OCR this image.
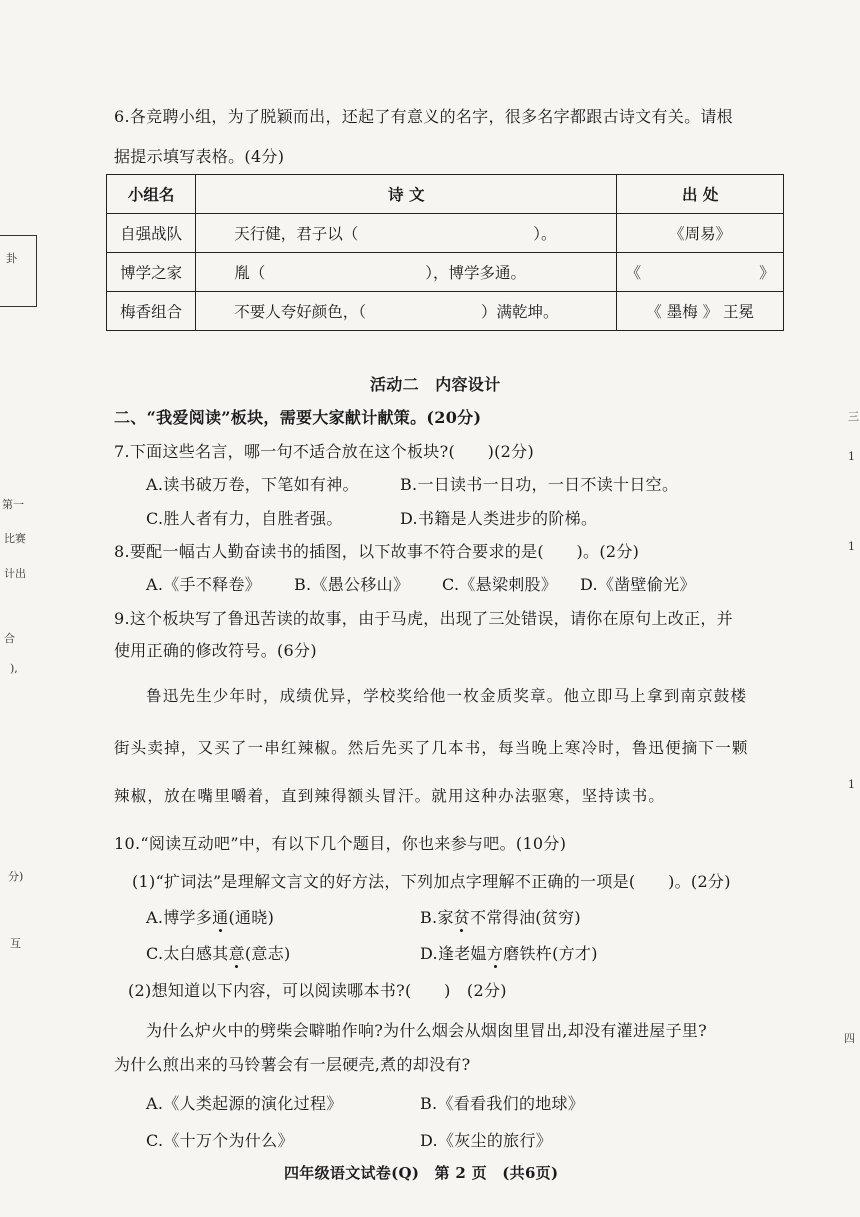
卦
第一
比赛
计出
合
),
分)
互
三
1
1
1
四
6.各竞聘小组，为了脱颖而出，还起了有意义的名字，很多名字都跟古诗文有关。请根
据提示填写表格。(4分)
小组名	诗 文	出 处
自强战队	天行健，君子以（ ）。	《周易》
博学之家	胤（ ），博学多通。	《 》
梅香组合	不要人夸好颜色，（ ）满乾坤。	《 墨梅 》 王冕
活动二　内容设计
二、“我爱阅读”板块，需要大家献计献策。(20分)
7.下面这些名言，哪一句不适合放在这个板块?(　　)(2分)
A.读书破万卷，下笔如有神。	B.一日读书一日功，一日不读十日空。
C.胜人者有力，自胜者强。	D.书籍是人类进步的阶梯。
8.要配一幅古人勤奋读书的插图，以下故事不符合要求的是(　　)。(2分)
A.《手不释卷》 B.《愚公移山》 C.《悬梁刺股》 D.《凿壁偷光》
9.这个板块写了鲁迅苦读的故事，由于马虎，出现了三处错误，请你在原句上改正，并
使用正确的修改符号。(6分)
鲁迅先生少年时，成绩优异，学校奖给他一枚金质奖章。他立即马上拿到南京鼓楼
街头卖掉，又买了一串红辣椒。然后先买了几本书，每当晚上寒冷时，鲁迅便摘下一颗
辣椒，放在嘴里嚼着，直到辣得额头冒汗。就用这种办法驱寒，坚持读书。
10.“阅读互动吧”中，有以下几个题目，你也来参与吧。(10分)
(1)“扩词法”是理解文言文的好方法，下列加点字理解不正确的一项是(　　)。(2分)
A.博学多通(通晓)	B.家贫不常得油(贫穷)
C.太白感其意(意志)	D.逢老媪方磨铁杵(方才)
(2)想知道以下内容，可以阅读哪本书?(　　)　(2分)
为什么炉火中的劈柴会噼啪作响?为什么烟会从烟囱里冒出,却没有灌进屋子里?
为什么煎出来的马铃薯会有一层硬壳,煮的却没有?
A.《人类起源的演化过程》	B.《看看我们的地球》
C.《十万个为什么》	D.《灰尘的旅行》
四年级语文试卷(Q)　第 2 页　(共6页)
